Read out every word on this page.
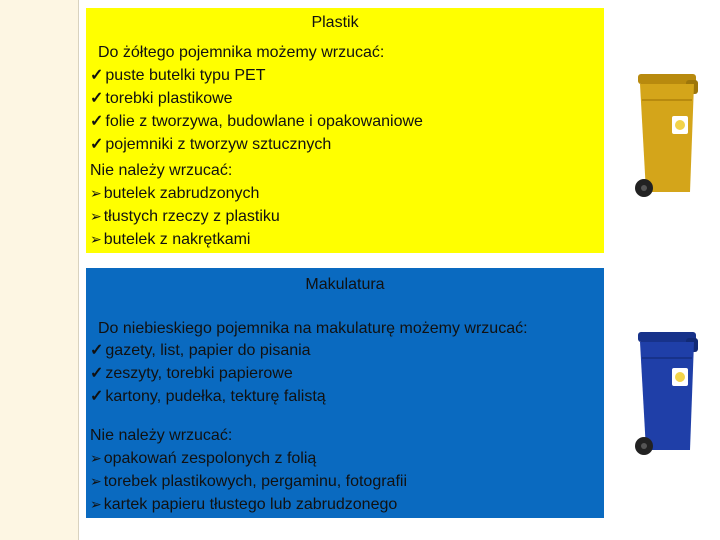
Plastik
Do żółtego pojemnika możemy wrzucać:
✓ puste butelki typu PET
✓ torebki plastikowe
✓ folie z tworzywa, budowlane i opakowaniowe
✓ pojemniki z tworzyw sztucznych
Nie należy wrzucać:
➢ butelek zabrudzonych
➢ tłustych rzeczy z plastiku
➢ butelek z nakrętkami
Makulatura
Do niebieskiego pojemnika na makulaturę możemy wrzucać:
✓ gazety, list, papier do pisania
✓ zeszyty, torebki papierowe
✓ kartony, pudełka, tekturę falistą
Nie należy wrzucać:
➢ opakowań zespolonych z folią
➢ torebek plastikowych, pergaminu, fotografii
➢ kartek papieru tłustego lub zabrudzonego
